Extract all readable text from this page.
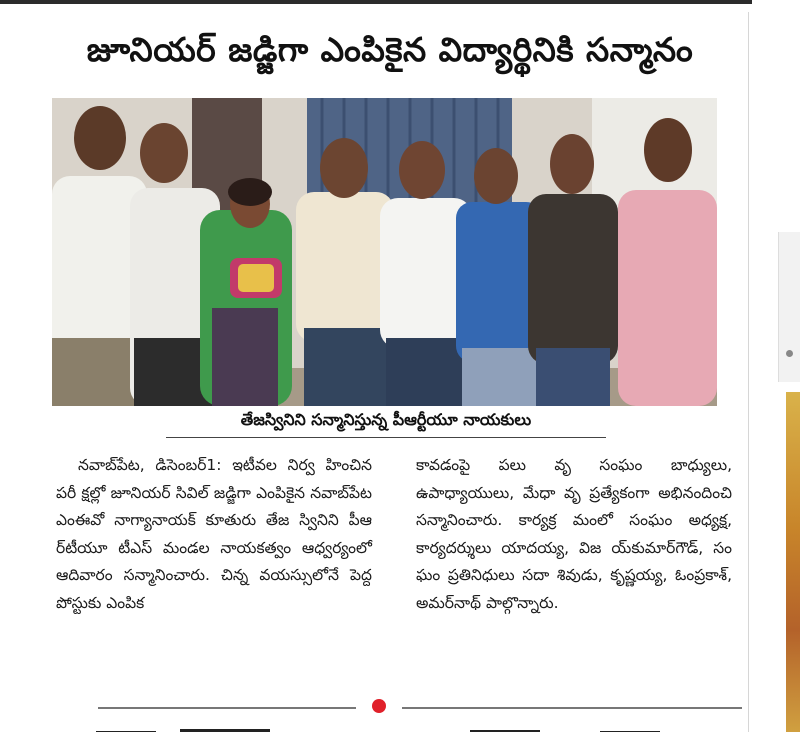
జూనియర్ జడ్జిగా ఎంపికైన విద్యార్థినికి సన్మానం
తేజస్వినిని సన్మానిస్తున్న పీఆర్టీయూ నాయకులు

నవాబ్‌పేట, డిసెంబర్1: ఇటీవల నిర్వ హించిన పరీ క్షల్లో జూనియర్ సివిల్ జడ్జిగా ఎంపికైన నవాబ్‌పేట ఎంఈవో నాగ్యానాయక్ కూతురు తేజ స్వినిని పీఆ ర్‌టీయూ టీఎస్ మండల నాయకత్వం ఆధ్వర్యంలో ఆదివారం సన్మానించారు. చిన్న వయస్సులోనే పెద్ద పోస్టుకు ఎంపిక

కావడంపై పలు వృ సంఘం బాధ్యులు, ఉపాధ్యాయులు, మేధా వృ ప్రత్యేకంగా అభినందించి సన్మానించారు. కార్యక్ర మంలో సంఘం అధ్యక్ష, కార్యదర్శులు యాదయ్య, విజ య్‌కుమార్‌గౌడ్, సం ఘం ప్రతినిధులు సదా శివుడు, కృష్ణయ్య, ఓంప్రకాశ్, అమర్‌నాథ్ పాల్గొన్నారు.
